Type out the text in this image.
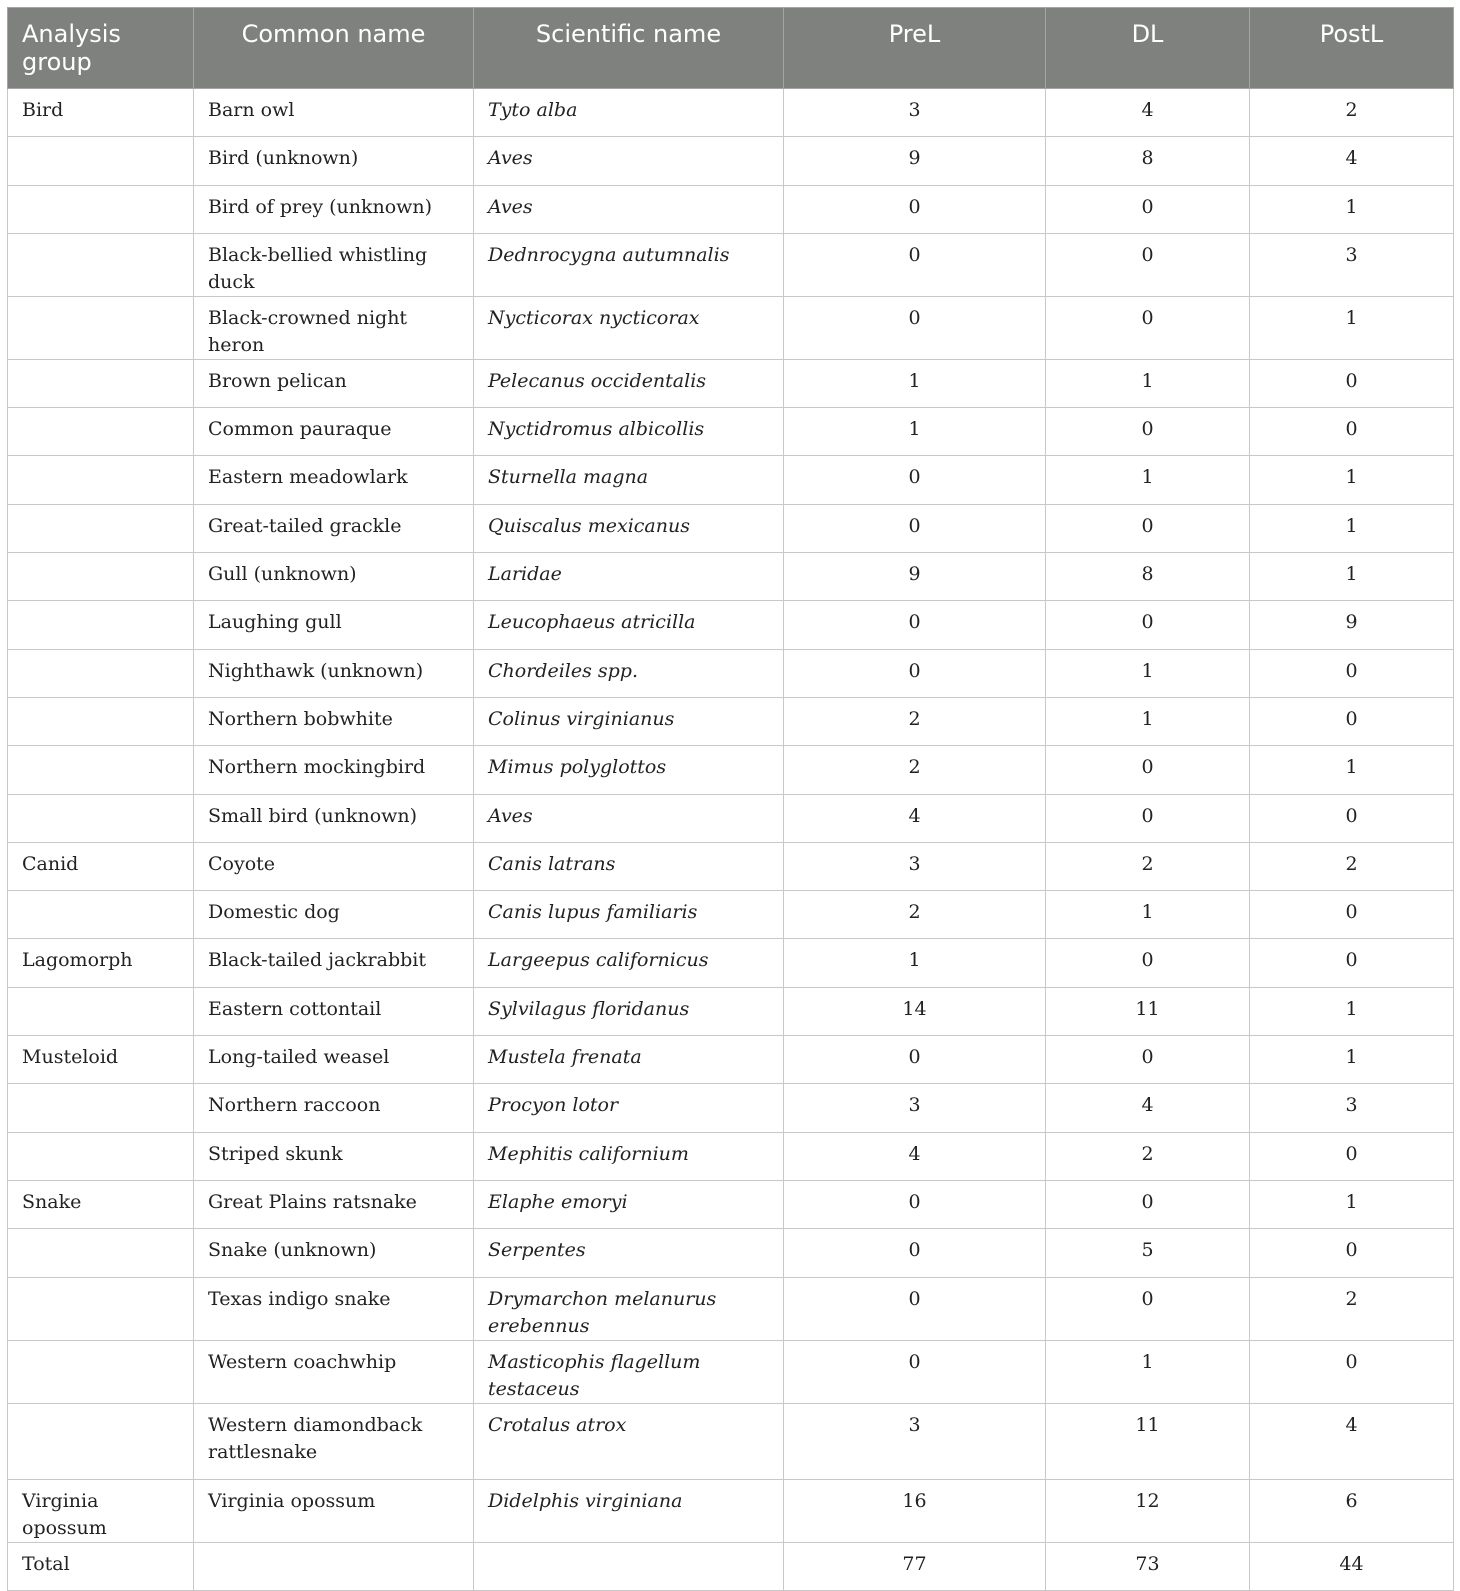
Analysis group	Common name	Scientific name	PreL	DL	PostL
Bird	Barn owl	Tyto alba	3	4	2
	Bird (unknown)	Aves	9	8	4
	Bird of prey (unknown)	Aves	0	0	1
	Black-bellied whistling duck	Dednrocygna autumnalis	0	0	3
	Black-crowned night heron	Nycticorax nycticorax	0	0	1
	Brown pelican	Pelecanus occidentalis	1	1	0
	Common pauraque	Nyctidromus albicollis	1	0	0
	Eastern meadowlark	Sturnella magna	0	1	1
	Great-tailed grackle	Quiscalus mexicanus	0	0	1
	Gull (unknown)	Laridae	9	8	1
	Laughing gull	Leucophaeus atricilla	0	0	9
	Nighthawk (unknown)	Chordeiles spp.	0	1	0
	Northern bobwhite	Colinus virginianus	2	1	0
	Northern mockingbird	Mimus polyglottos	2	0	1
	Small bird (unknown)	Aves	4	0	0
Canid	Coyote	Canis latrans	3	2	2
	Domestic dog	Canis lupus familiaris	2	1	0
Lagomorph	Black-tailed jackrabbit	Largeepus californicus	1	0	0
	Eastern cottontail	Sylvilagus floridanus	14	11	1
Musteloid	Long-tailed weasel	Mustela frenata	0	0	1
	Northern raccoon	Procyon lotor	3	4	3
	Striped skunk	Mephitis californium	4	2	0
Snake	Great Plains ratsnake	Elaphe emoryi	0	0	1
	Snake (unknown)	Serpentes	0	5	0
	Texas indigo snake	Drymarchon melanurus erebennus	0	0	2
	Western coachwhip	Masticophis flagellum testaceus	0	1	0
	Western diamondback rattlesnake	Crotalus atrox	3	11	4
Virginia opossum	Virginia opossum	Didelphis virginiana	16	12	6
Total			77	73	44
